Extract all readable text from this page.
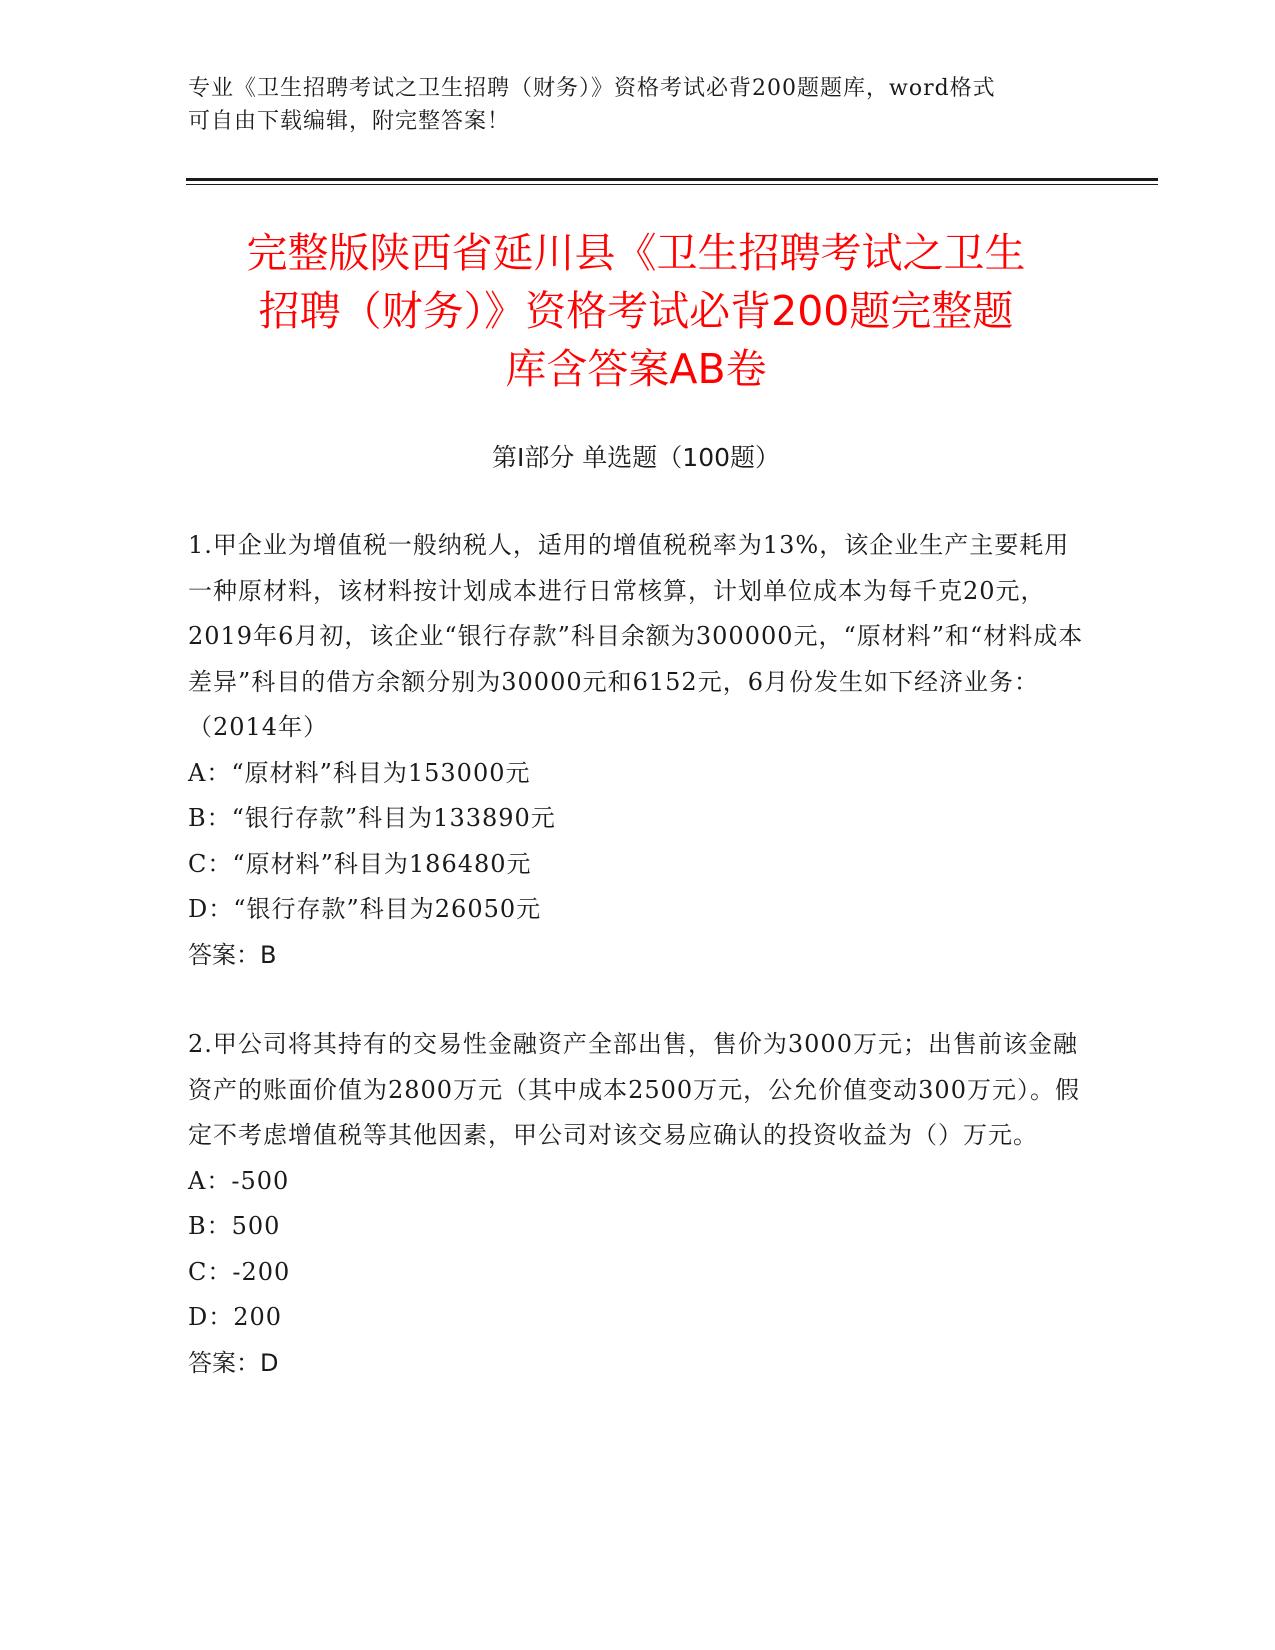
专业《卫生招聘考试之卫生招聘（财务）》资格考试必背200题题库，word格式
可自由下载编辑，附完整答案！
完整版陕西省延川县《卫生招聘考试之卫生
招聘（财务）》资格考试必背200题完整题
库含答案AB卷
第Ⅰ部分 单选题（100题）

1.甲企业为增值税一般纳税人，适用的增值税税率为13%，该企业生产主要耗用一种原材料，该材料按计划成本进行日常核算，计划单位成本为每千克20元，2019年6月初，该企业“银行存款”科目余额为300000元，“原材料”和“材料成本差异”科目的借方余额分别为30000元和6152元，6月份发生如下经济业务：（2014年）

A：“原材料”科目为153000元

B：“银行存款”科目为133890元

C：“原材料”科目为186480元

D：“银行存款”科目为26050元

答案：B

2.甲公司将其持有的交易性金融资产全部出售，售价为3000万元；出售前该金融资产的账面价值为2800万元（其中成本2500万元，公允价值变动300万元）。假定不考虑增值税等其他因素，甲公司对该交易应确认的投资收益为（）万元。

A：-500

B：500

C：-200

D：200

答案：D
